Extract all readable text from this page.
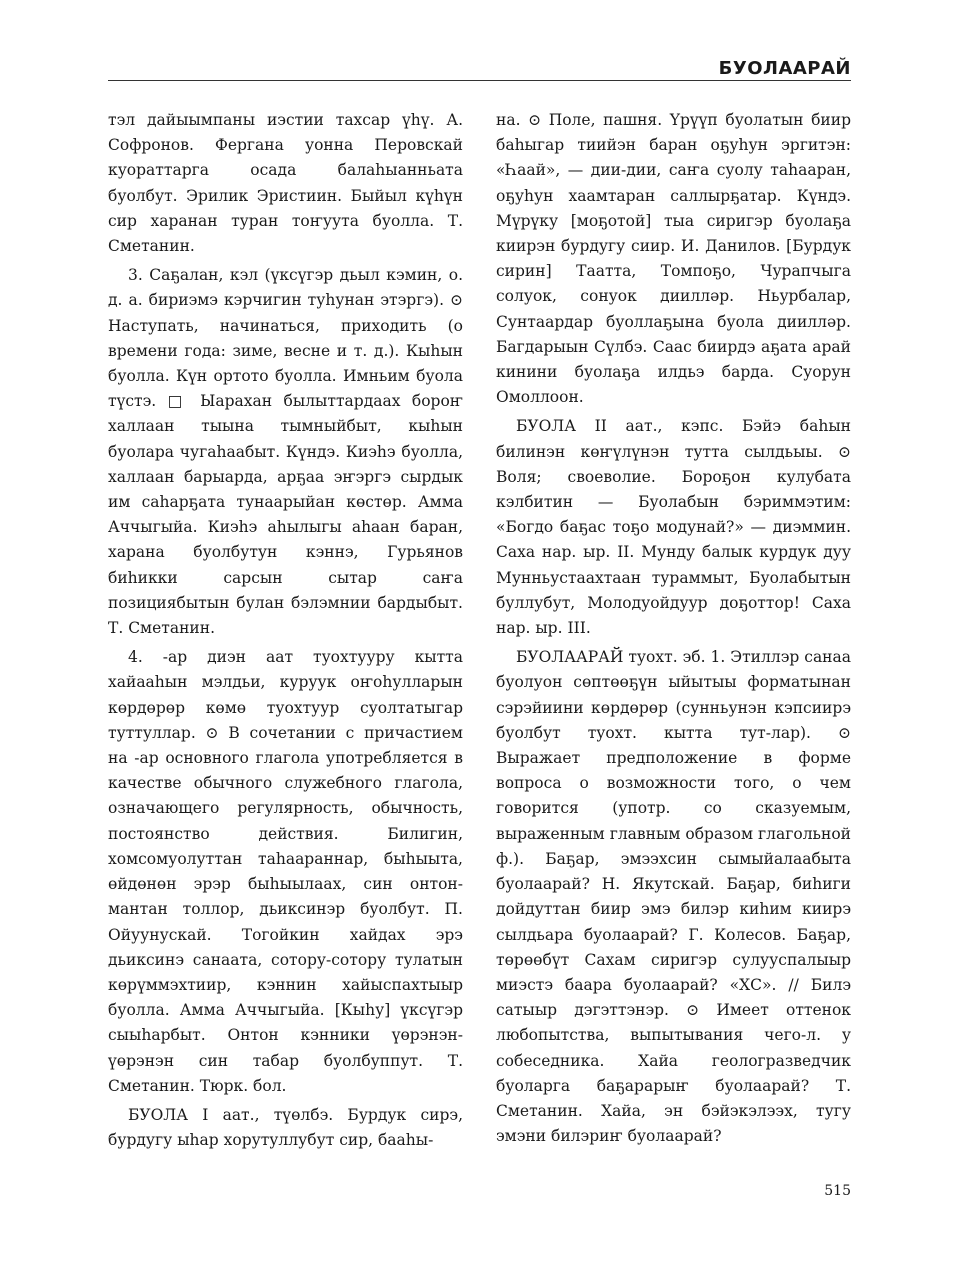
БУОЛААРАЙ

тэл дайыымпаны иэстии тахсар үһү. А. Софронов. Фергана уонна Перовскай куораттарга осада балаһыанньата буолбут. Эрилик Эристиин. Быйыл күһүн сир харанан туран тоҥуута буолла. Т. Сметанин.

3. Саҕалан, кэл (үксүгэр дьыл кэмин, о. д. а. бириэмэ кэрчигин туһунан этэргэ). ⊙ Наступать, начинаться, приходить (о времени года: зиме, весне и т. д.). Кыһын буолла. Күн ортото буолла. Имньим буола түстэ. □ Ыарахан былыттардаах бороҥ халлаан тыына тымныйбыт, кыһын буолара чугаһаабыт. Күндэ. Киэһэ буолла, халлаан барыарда, арҕаа эҥэргэ сырдык им саһарҕата тунаарыйан көстөр. Амма Аччыгыйа. Киэһэ аһылыгы аһаан баран, харана буолбутун кэннэ, Гурьянов биһикки сарсын сытар саҥа позициябытын булан бэлэмнии бардыбыт. Т. Сметанин.

4. -ар диэн аат туохтууру кытта хайааһын мэлдьи, куруук оҥоһулларын көрдөрөр көмө туохтуур суолтатыгар туттуллар. ⊙ В сочетании с причастием на -ар основного глагола употребляется в качестве обычного служебного глагола, означающего регулярность, обычность, постоянство действия. Билигин, хомсомуолуттан таһаараннар, быһыыта, өйдөнөн эрэр быһыылаах, син онтон-мантан толлор, дьиксинэр буолбут. П. Ойуунускай. Тогойкин хайдах эрэ дьиксинэ санаата, сотору-сотору тулатын көрүммэхтиир, кэннин хайыспахтыыр буолла. Амма Аччыгыйа. [Кыһу] үксүгэр сыыһарбыт. Онтон кэнники үөрэнэн-үөрэнэн син табар буолбуппут. Т. Сметанин. Тюрк. бол.

БУОЛА I аат., түөлбэ. Бурдук сирэ, бурдугу ыһар хорутуллубут сир, бааһы-

на. ⊙ Поле, пашня. Үрүүп буолатын биир баһыгар тиийэн баран оҕуһун эргитэн: «Һаай», — дии-дии, саҥа суолу таһааран, оҕуһун хаамтаран саллырҕатар. Күндэ. Мүрүку [моҕотой] тыа сиригэр буолаҕа киирэн бурдугу сиир. И. Данилов. [Бурдук сирин] Таатта, Томпоҕо, Чурапчыга солуок, сонуок диилләр. Ньурбалар, Сунтаардар буоллаҕына буола диилләр. Багдарыын Сүлбэ. Саас биирдэ аҕата арай кинини буолаҕа илдьэ барда. Суорун Омоллоон.

БУОЛА II аат., кэпс. Бэйэ баһын билинэн көҥүлүнэн тутта сылдьыы. ⊙ Воля; своеволие. Бороҕон кулубата кэлбитин — Буолабын бэриммэтим: «Богдо баҕас тоҕо модунай?» — диэммин. Саха нар. ыр. II. Мунду балык курдук дуу Мунньустаахтаан тураммыт, Буолабытын буллубут, Молодуойдуур доҕоттор! Саха нар. ыр. III.

БУОЛААРАЙ туохт. эб. 1. Этиллэр санаа буолуон сөптөөҕүн ыйытыы форматынан сэрэйиини көрдөрөр (сунньунэн кэпсиирэ буолбут туохт. кытта тут-лар). ⊙ Выражает предположение в форме вопроса о возможности того, о чем говорится (употр. со сказуемым, выраженным главным образом глагольной ф.). Баҕар, эмээхсин сымыйалаабыта буолаарай? Н. Якутскай. Баҕар, биһиги дойдуттан биир эмэ билэр киһим киирэ сылдьара буолаарай? Г. Колесов. Баҕар, төрөөбүт Сахам сиригэр сулууспалыыр миэстэ баара буолаарай? «ХС». // Билэ сатыыр дэгэттэнэр. ⊙ Имеет оттенок любопытства, выпытывания чего-л. у собеседника. Хайа геологразведчик буоларга баҕарарыҥ буолаарай? Т. Сметанин. Хайа, эн бэйэкэлээх, тугу эмэни билэриҥ буолаарай?

515
